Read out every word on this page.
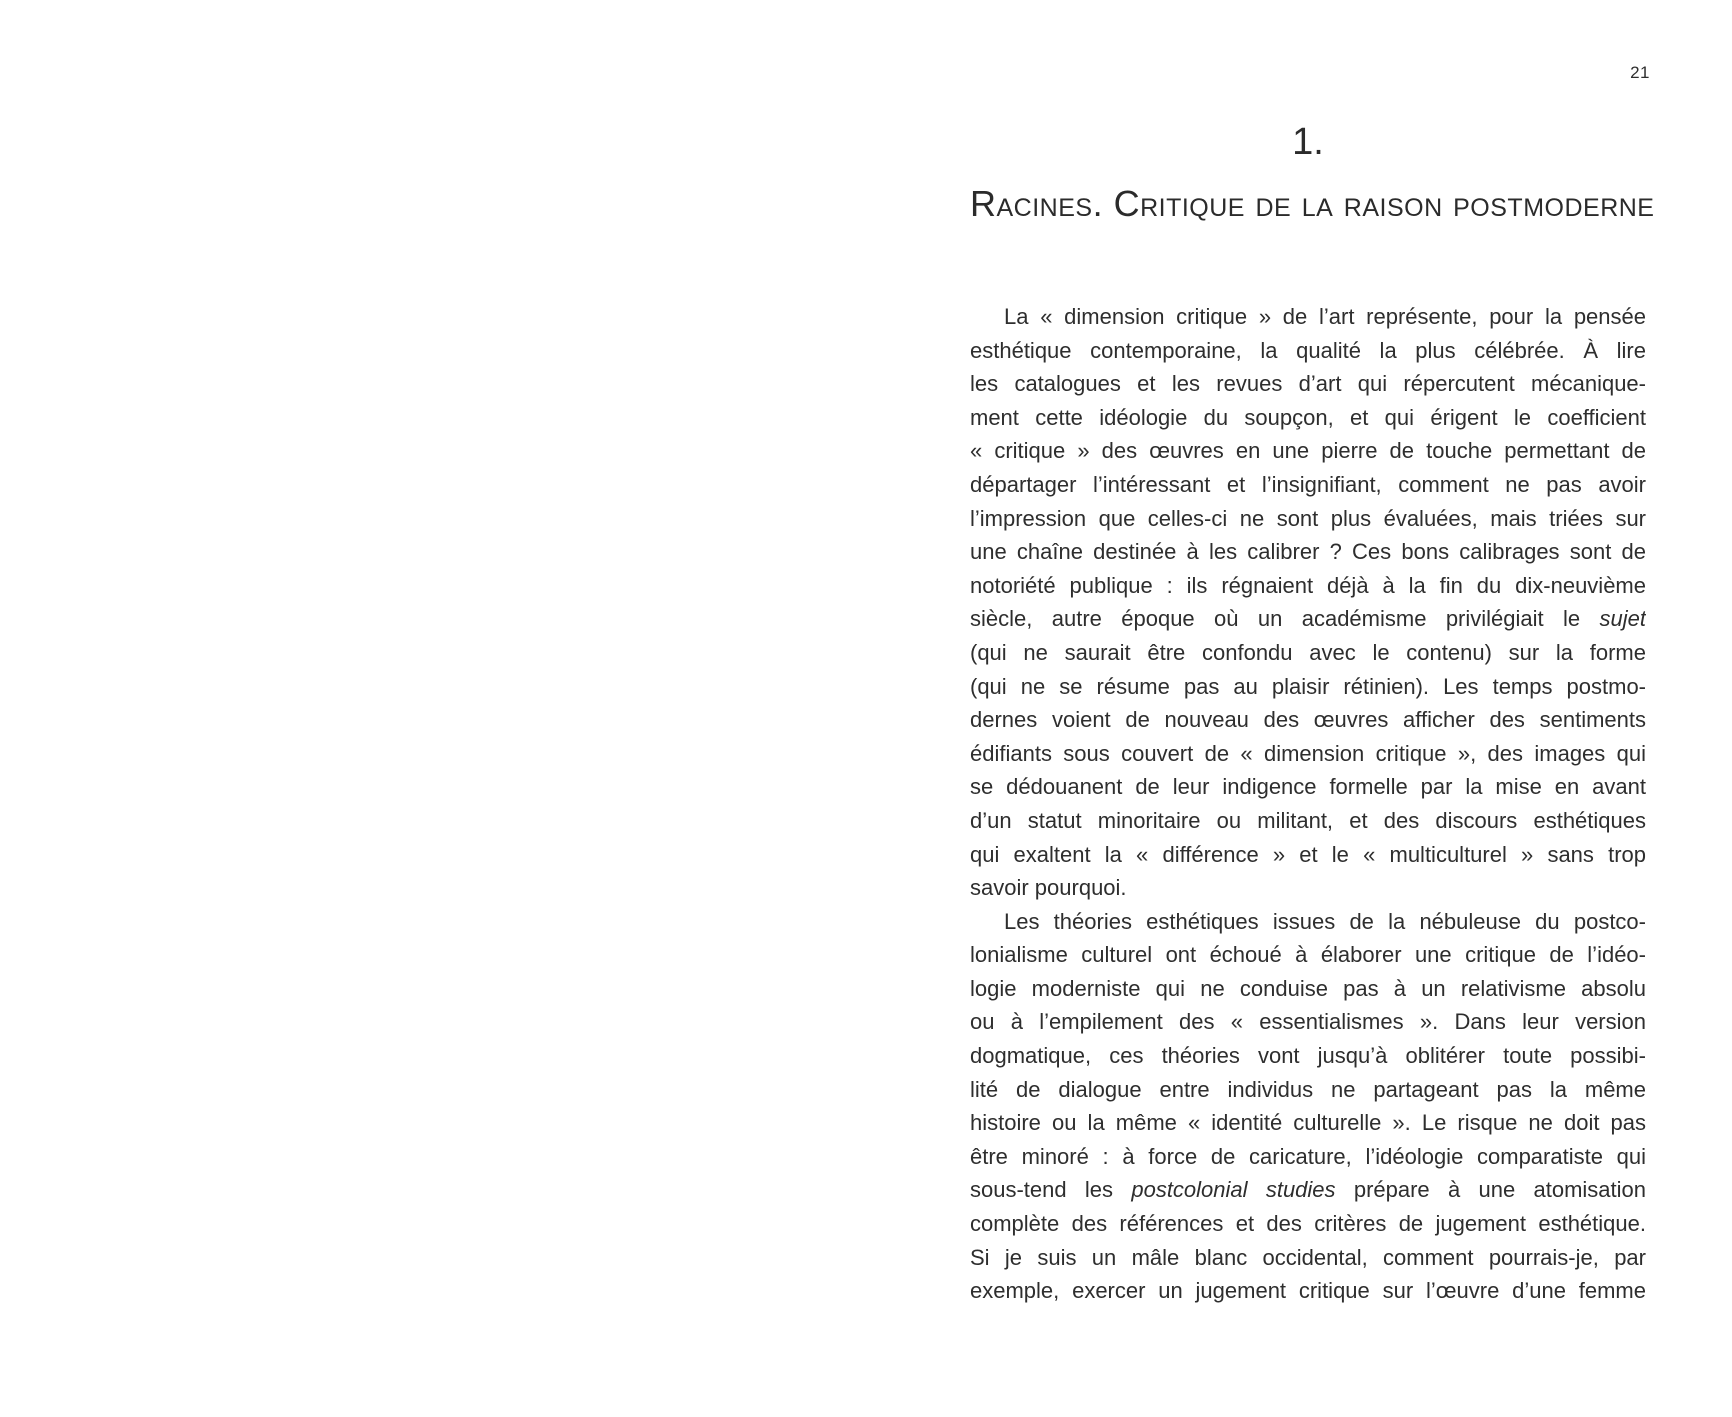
21
1.
Racines. Critique de la raison postmoderne
La « dimension critique » de l’art représente, pour la pensée
esthétique contemporaine, la qualité la plus célébrée. À lire
les catalogues et les revues d’art qui répercutent mécanique-
ment cette idéologie du soupçon, et qui érigent le coefficient
« critique » des œuvres en une pierre de touche permettant de
départager l’intéressant et l’insignifiant, comment ne pas avoir
l’impression que celles-ci ne sont plus évaluées, mais triées sur
une chaîne destinée à les calibrer ? Ces bons calibrages sont de
notoriété publique : ils régnaient déjà à la fin du dix-neuvième
siècle, autre époque où un académisme privilégiait le sujet
(qui ne saurait être confondu avec le contenu) sur la forme
(qui ne se résume pas au plaisir rétinien). Les temps postmo-
dernes voient de nouveau des œuvres afficher des sentiments
édifiants sous couvert de « dimension critique », des images qui
se dédouanent de leur indigence formelle par la mise en avant
d’un statut minoritaire ou militant, et des discours esthétiques
qui exaltent la « différence » et le « multiculturel » sans trop
savoir pourquoi.
Les théories esthétiques issues de la nébuleuse du postco-
lonialisme culturel ont échoué à élaborer une critique de l’idéo-
logie moderniste qui ne conduise pas à un relativisme absolu
ou à l’empilement des « essentialismes ». Dans leur version
dogmatique, ces théories vont jusqu’à oblitérer toute possibi-
lité de dialogue entre individus ne partageant pas la même
histoire ou la même « identité culturelle ». Le risque ne doit pas
être minoré : à force de caricature, l’idéologie comparatiste qui
sous-tend les postcolonial studies prépare à une atomisation
complète des références et des critères de jugement esthétique.
Si je suis un mâle blanc occidental, comment pourrais-je, par
exemple, exercer un jugement critique sur l’œuvre d’une femme
